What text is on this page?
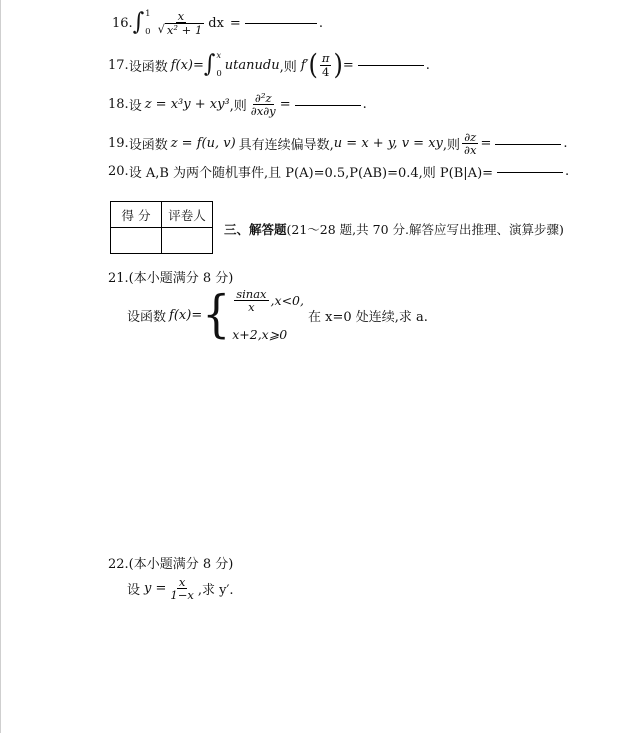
16. ∫ 1
$0 \frac{x}{\text{√ x² + 1}}$ dx =	.
17. 设函数 f(x) = ∫ x
0
utanudu ,则 f′ ( $\frac{\pi}{4}$ ) =	.
18. 设 z = x³y + xy³ ,则 $\frac{\text{∂²z}}{\partial x\partial y}$ =	.
19. 设函数 z = f(u, v) 具有连续偏导数, u = x + y, v = xy ,则 $\frac{\partial z}{\partial x}$ =	.
20. 设 A,B 为两个随机事件,且 P(A)=0.5,P(AB)=0.4,则 P(B|A)=	.
得 分	评卷人

三、解答题 (21～28 题,共 70 分.解答应写出推理、演算步骤)
21.(本小题满分 8 分)
设函数 f(x) = { $\frac{\text{sinax}}{x} ,x<0$,
x+2,x⩾0
在 x=0 处连续,求 a.
22.(本小题满分 8 分)
设 $y = \frac{x}{1-x}$ ,求 y′.
